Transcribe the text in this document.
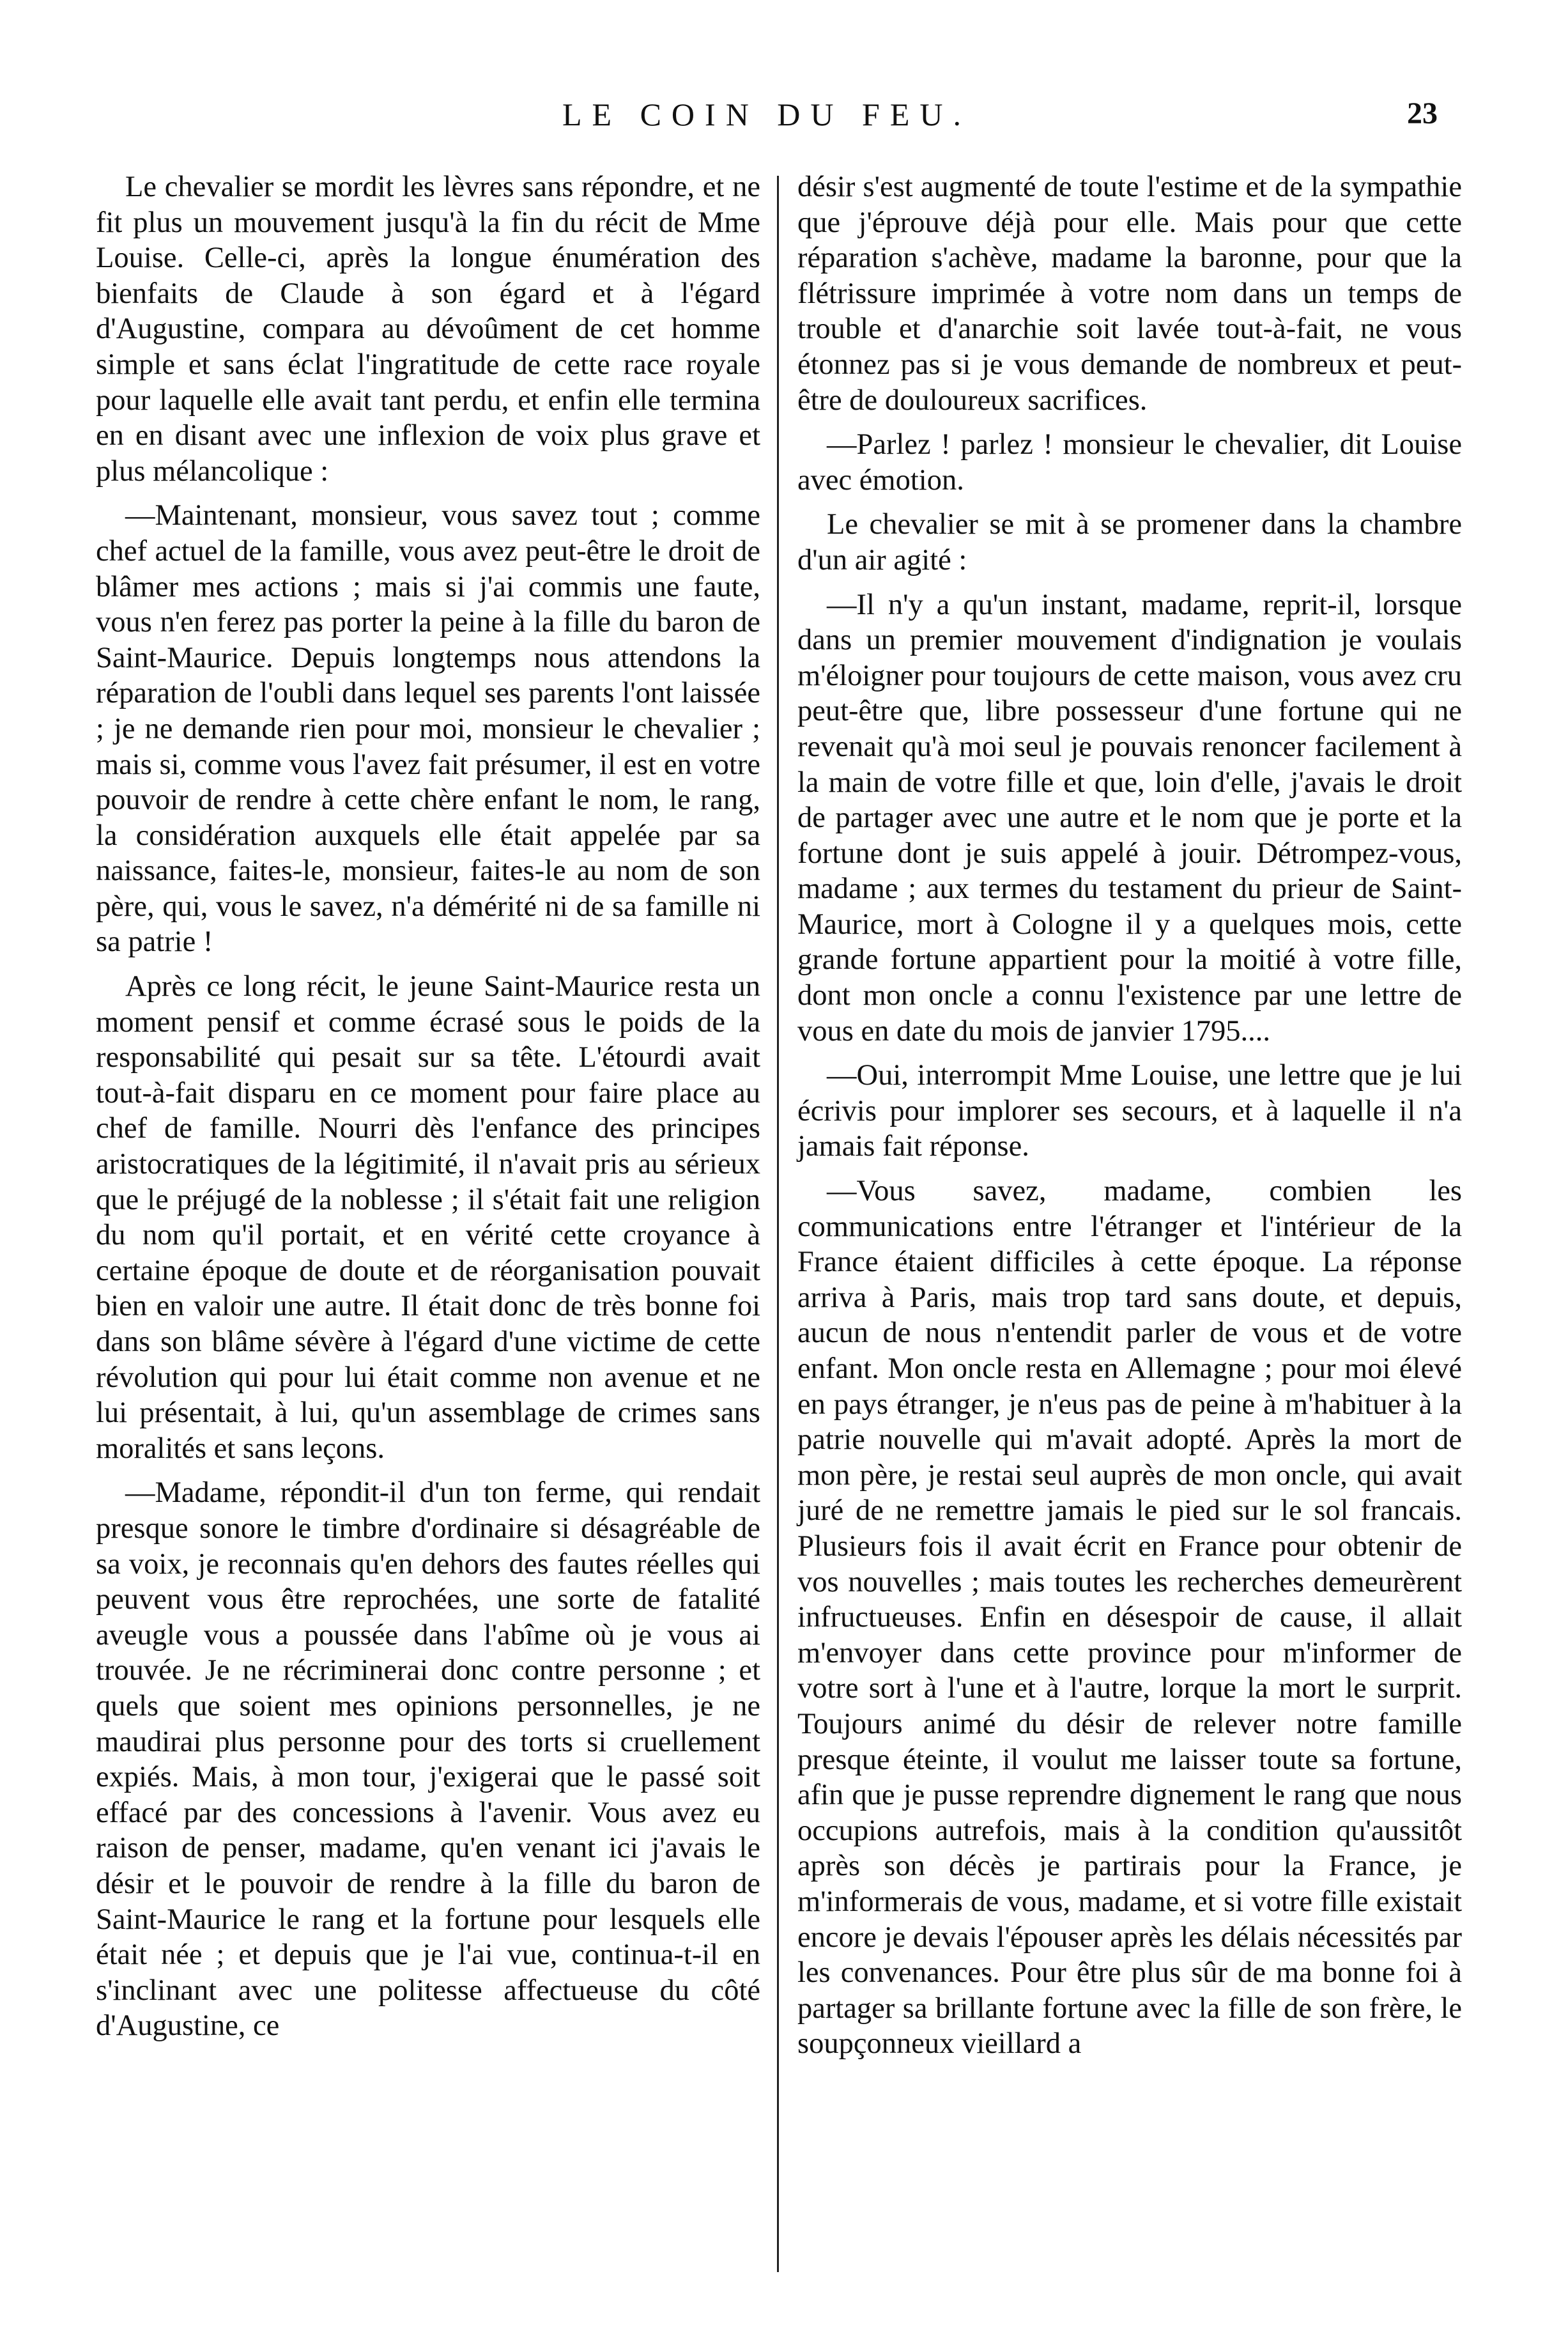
LE COIN DU FEU.	23

Le chevalier se mordit les lèvres sans répondre, et ne fit plus un mouvement jusqu'à la fin du récit de Mme Louise. Celle-ci, après la longue énumération des bienfaits de Claude à son égard et à l'égard d'Augustine, compara au dévoûment de cet homme simple et sans éclat l'ingratitude de cette race royale pour laquelle elle avait tant perdu, et enfin elle termina en en disant avec une inflexion de voix plus grave et plus mélancolique :

—Maintenant, monsieur, vous savez tout ; comme chef actuel de la famille, vous avez peut-être le droit de blâmer mes actions ; mais si j'ai commis une faute, vous n'en ferez pas porter la peine à la fille du baron de Saint-Maurice. Depuis longtemps nous attendons la réparation de l'oubli dans lequel ses parents l'ont laissée ; je ne demande rien pour moi, monsieur le chevalier ; mais si, comme vous l'avez fait présumer, il est en votre pouvoir de rendre à cette chère enfant le nom, le rang, la considération auxquels elle était appelée par sa naissance, faites-le, monsieur, faites-le au nom de son père, qui, vous le savez, n'a démérité ni de sa famille ni sa patrie !

Après ce long récit, le jeune Saint-Maurice resta un moment pensif et comme écrasé sous le poids de la responsabilité qui pesait sur sa tête. L'étourdi avait tout-à-fait disparu en ce moment pour faire place au chef de famille. Nourri dès l'enfance des principes aristocratiques de la légitimité, il n'avait pris au sérieux que le préjugé de la noblesse ; il s'était fait une religion du nom qu'il portait, et en vérité cette croyance à certaine époque de doute et de réorganisation pouvait bien en valoir une autre. Il était donc de très bonne foi dans son blâme sévère à l'égard d'une victime de cette révolution qui pour lui était comme non avenue et ne lui présentait, à lui, qu'un assemblage de crimes sans moralités et sans leçons.

—Madame, répondit-il d'un ton ferme, qui rendait presque sonore le timbre d'ordinaire si désagréable de sa voix, je reconnais qu'en dehors des fautes réelles qui peuvent vous être reprochées, une sorte de fatalité aveugle vous a poussée dans l'abîme où je vous ai trouvée. Je ne récriminerai donc contre personne ; et quels que soient mes opinions personnelles, je ne maudirai plus personne pour des torts si cruellement expiés. Mais, à mon tour, j'exigerai que le passé soit effacé par des concessions à l'avenir. Vous avez eu raison de penser, madame, qu'en venant ici j'avais le désir et le pouvoir de rendre à la fille du baron de Saint-Maurice le rang et la fortune pour lesquels elle était née ; et depuis que je l'ai vue, continua-t-il en s'inclinant avec une politesse affectueuse du côté d'Augustine, ce

désir s'est augmenté de toute l'estime et de la sympathie que j'éprouve déjà pour elle. Mais pour que cette réparation s'achève, madame la baronne, pour que la flétrissure imprimée à votre nom dans un temps de trouble et d'anarchie soit lavée tout-à-fait, ne vous étonnez pas si je vous demande de nombreux et peut-être de douloureux sacrifices.

—Parlez ! parlez ! monsieur le chevalier, dit Louise avec émotion.

Le chevalier se mit à se promener dans la chambre d'un air agité :

—Il n'y a qu'un instant, madame, reprit-il, lorsque dans un premier mouvement d'indignation je voulais m'éloigner pour toujours de cette maison, vous avez cru peut-être que, libre possesseur d'une fortune qui ne revenait qu'à moi seul je pouvais renoncer facilement à la main de votre fille et que, loin d'elle, j'avais le droit de partager avec une autre et le nom que je porte et la fortune dont je suis appelé à jouir. Détrompez-vous, madame ; aux termes du testament du prieur de Saint-Maurice, mort à Cologne il y a quelques mois, cette grande fortune appartient pour la moitié à votre fille, dont mon oncle a connu l'existence par une lettre de vous en date du mois de janvier 1795....

—Oui, interrompit Mme Louise, une lettre que je lui écrivis pour implorer ses secours, et à laquelle il n'a jamais fait réponse.

—Vous savez, madame, combien les communications entre l'étranger et l'intérieur de la France étaient difficiles à cette époque. La réponse arriva à Paris, mais trop tard sans doute, et depuis, aucun de nous n'entendit parler de vous et de votre enfant. Mon oncle resta en Allemagne ; pour moi élevé en pays étranger, je n'eus pas de peine à m'habituer à la patrie nouvelle qui m'avait adopté. Après la mort de mon père, je restai seul auprès de mon oncle, qui avait juré de ne remettre jamais le pied sur le sol francais. Plusieurs fois il avait écrit en France pour obtenir de vos nouvelles ; mais toutes les recherches demeurèrent infructueuses. Enfin en désespoir de cause, il allait m'envoyer dans cette province pour m'informer de votre sort à l'une et à l'autre, lorque la mort le surprit. Toujours animé du désir de relever notre famille presque éteinte, il voulut me laisser toute sa fortune, afin que je pusse reprendre dignement le rang que nous occupions autrefois, mais à la condition qu'aussitôt après son décès je partirais pour la France, je m'informerais de vous, madame, et si votre fille existait encore je devais l'épouser après les délais nécessités par les convenances. Pour être plus sûr de ma bonne foi à partager sa brillante fortune avec la fille de son frère, le soupçonneux vieillard a
